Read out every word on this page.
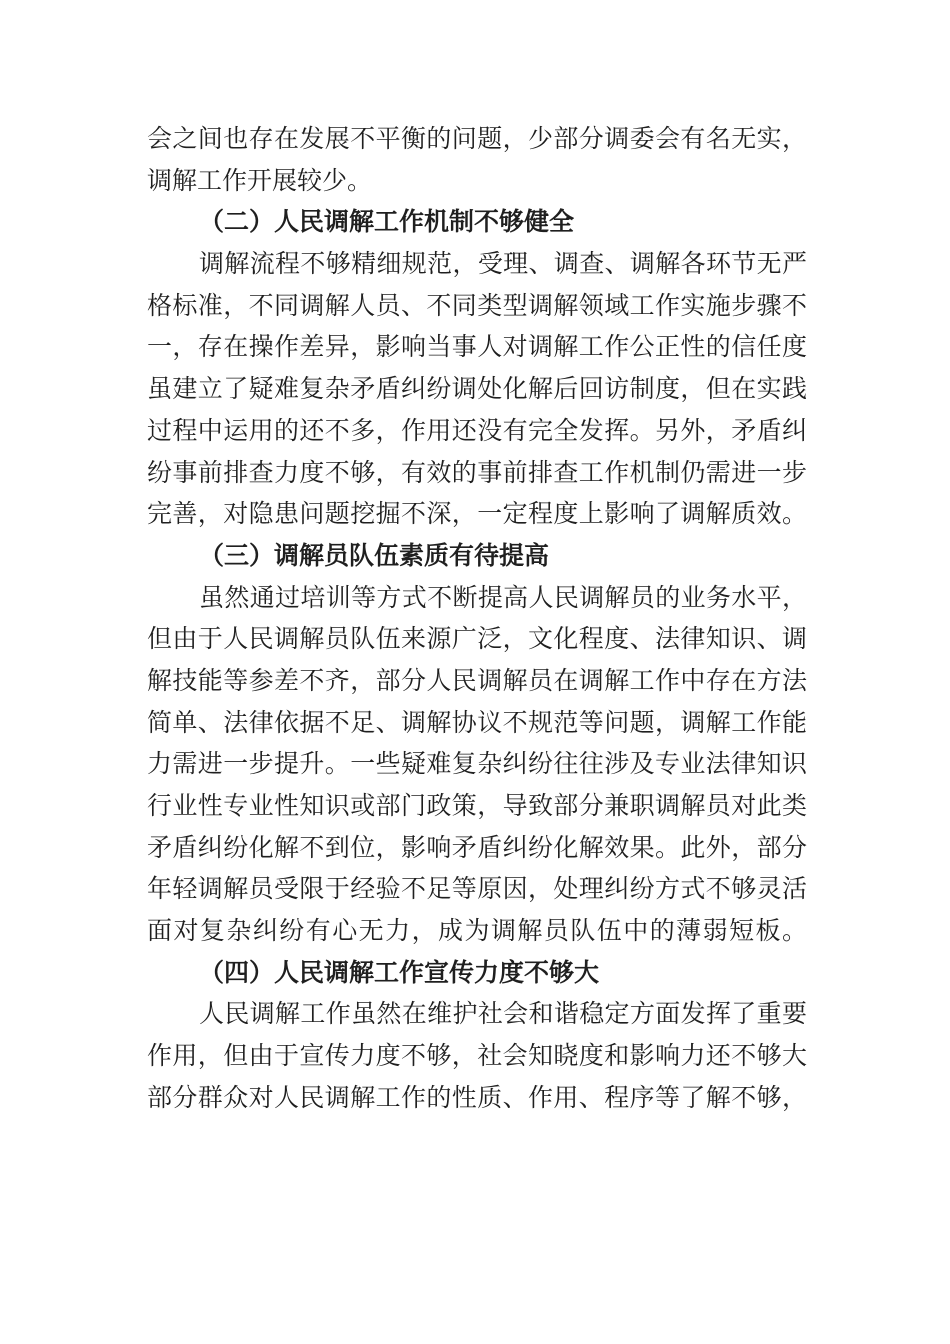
会之间也存在发展不平衡的问题，少部分调委会有名无实，
调解工作开展较少。
（二）人民调解工作机制不够健全
调解流程不够精细规范，受理、调查、调解各环节无严
格标准，不同调解人员、不同类型调解领域工作实施步骤不
一，存在操作差异，影响当事人对调解工作公正性的信任度
虽建立了疑难复杂矛盾纠纷调处化解后回访制度，但在实践
过程中运用的还不多，作用还没有完全发挥。另外，矛盾纠
纷事前排查力度不够，有效的事前排查工作机制仍需进一步
完善，对隐患问题挖掘不深，一定程度上影响了调解质效。
（三）调解员队伍素质有待提高
虽然通过培训等方式不断提高人民调解员的业务水平，
但由于人民调解员队伍来源广泛，文化程度、法律知识、调
解技能等参差不齐，部分人民调解员在调解工作中存在方法
简单、法律依据不足、调解协议不规范等问题，调解工作能
力需进一步提升。一些疑难复杂纠纷往往涉及专业法律知识
行业性专业性知识或部门政策，导致部分兼职调解员对此类
矛盾纠纷化解不到位，影响矛盾纠纷化解效果。此外，部分
年轻调解员受限于经验不足等原因，处理纠纷方式不够灵活
面对复杂纠纷有心无力，成为调解员队伍中的薄弱短板。
（四）人民调解工作宣传力度不够大
人民调解工作虽然在维护社会和谐稳定方面发挥了重要
作用，但由于宣传力度不够，社会知晓度和影响力还不够大
部分群众对人民调解工作的性质、作用、程序等了解不够，
